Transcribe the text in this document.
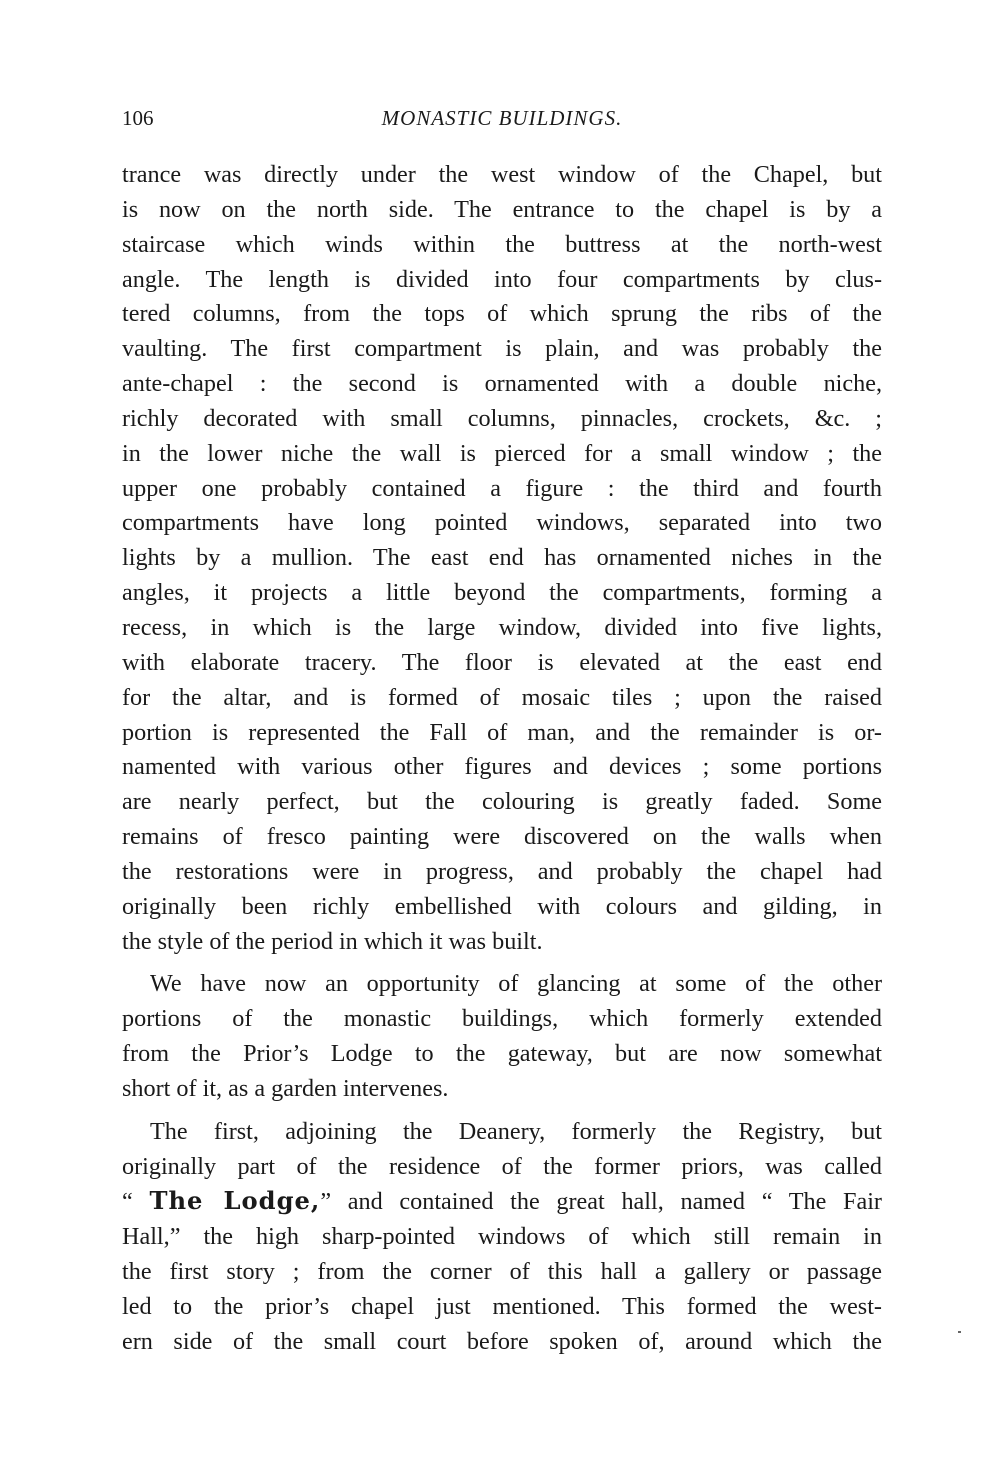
106	MONASTIC BUILDINGS.

trance was directly under the west window of the Chapel, but
is now on the north side. The entrance to the chapel is by a
staircase which winds within the buttress at the north-west
angle. The length is divided into four compartments by clus-
tered columns, from the tops of which sprung the ribs of the
vaulting. The first compartment is plain, and was probably the
ante-chapel : the second is ornamented with a double niche,
richly decorated with small columns, pinnacles, crockets, &c. ;
in the lower niche the wall is pierced for a small window ; the
upper one probably contained a figure : the third and fourth
compartments have long pointed windows, separated into two
lights by a mullion. The east end has ornamented niches in the
angles, it projects a little beyond the compartments, forming a
recess, in which is the large window, divided into five lights,
with elaborate tracery. The floor is elevated at the east end
for the altar, and is formed of mosaic tiles ; upon the raised
portion is represented the Fall of man, and the remainder is or-
namented with various other figures and devices ; some portions
are nearly perfect, but the colouring is greatly faded. Some
remains of fresco painting were discovered on the walls when
the restorations were in progress, and probably the chapel had
originally been richly embellished with colours and gilding, in
the style of the period in which it was built.

We have now an opportunity of glancing at some of the other
portions of the monastic buildings, which formerly extended
from the Prior’s Lodge to the gateway, but are now somewhat
short of it, as a garden intervenes.

The first, adjoining the Deanery, formerly the Registry, but
originally part of the residence of the former priors, was called
“ The Lodge,” and contained the great hall, named “ The Fair
Hall,” the high sharp-pointed windows of which still remain in
the first story ; from the corner of this hall a gallery or passage
led to the prior’s chapel just mentioned. This formed the west-
ern side of the small court before spoken of, around which the
